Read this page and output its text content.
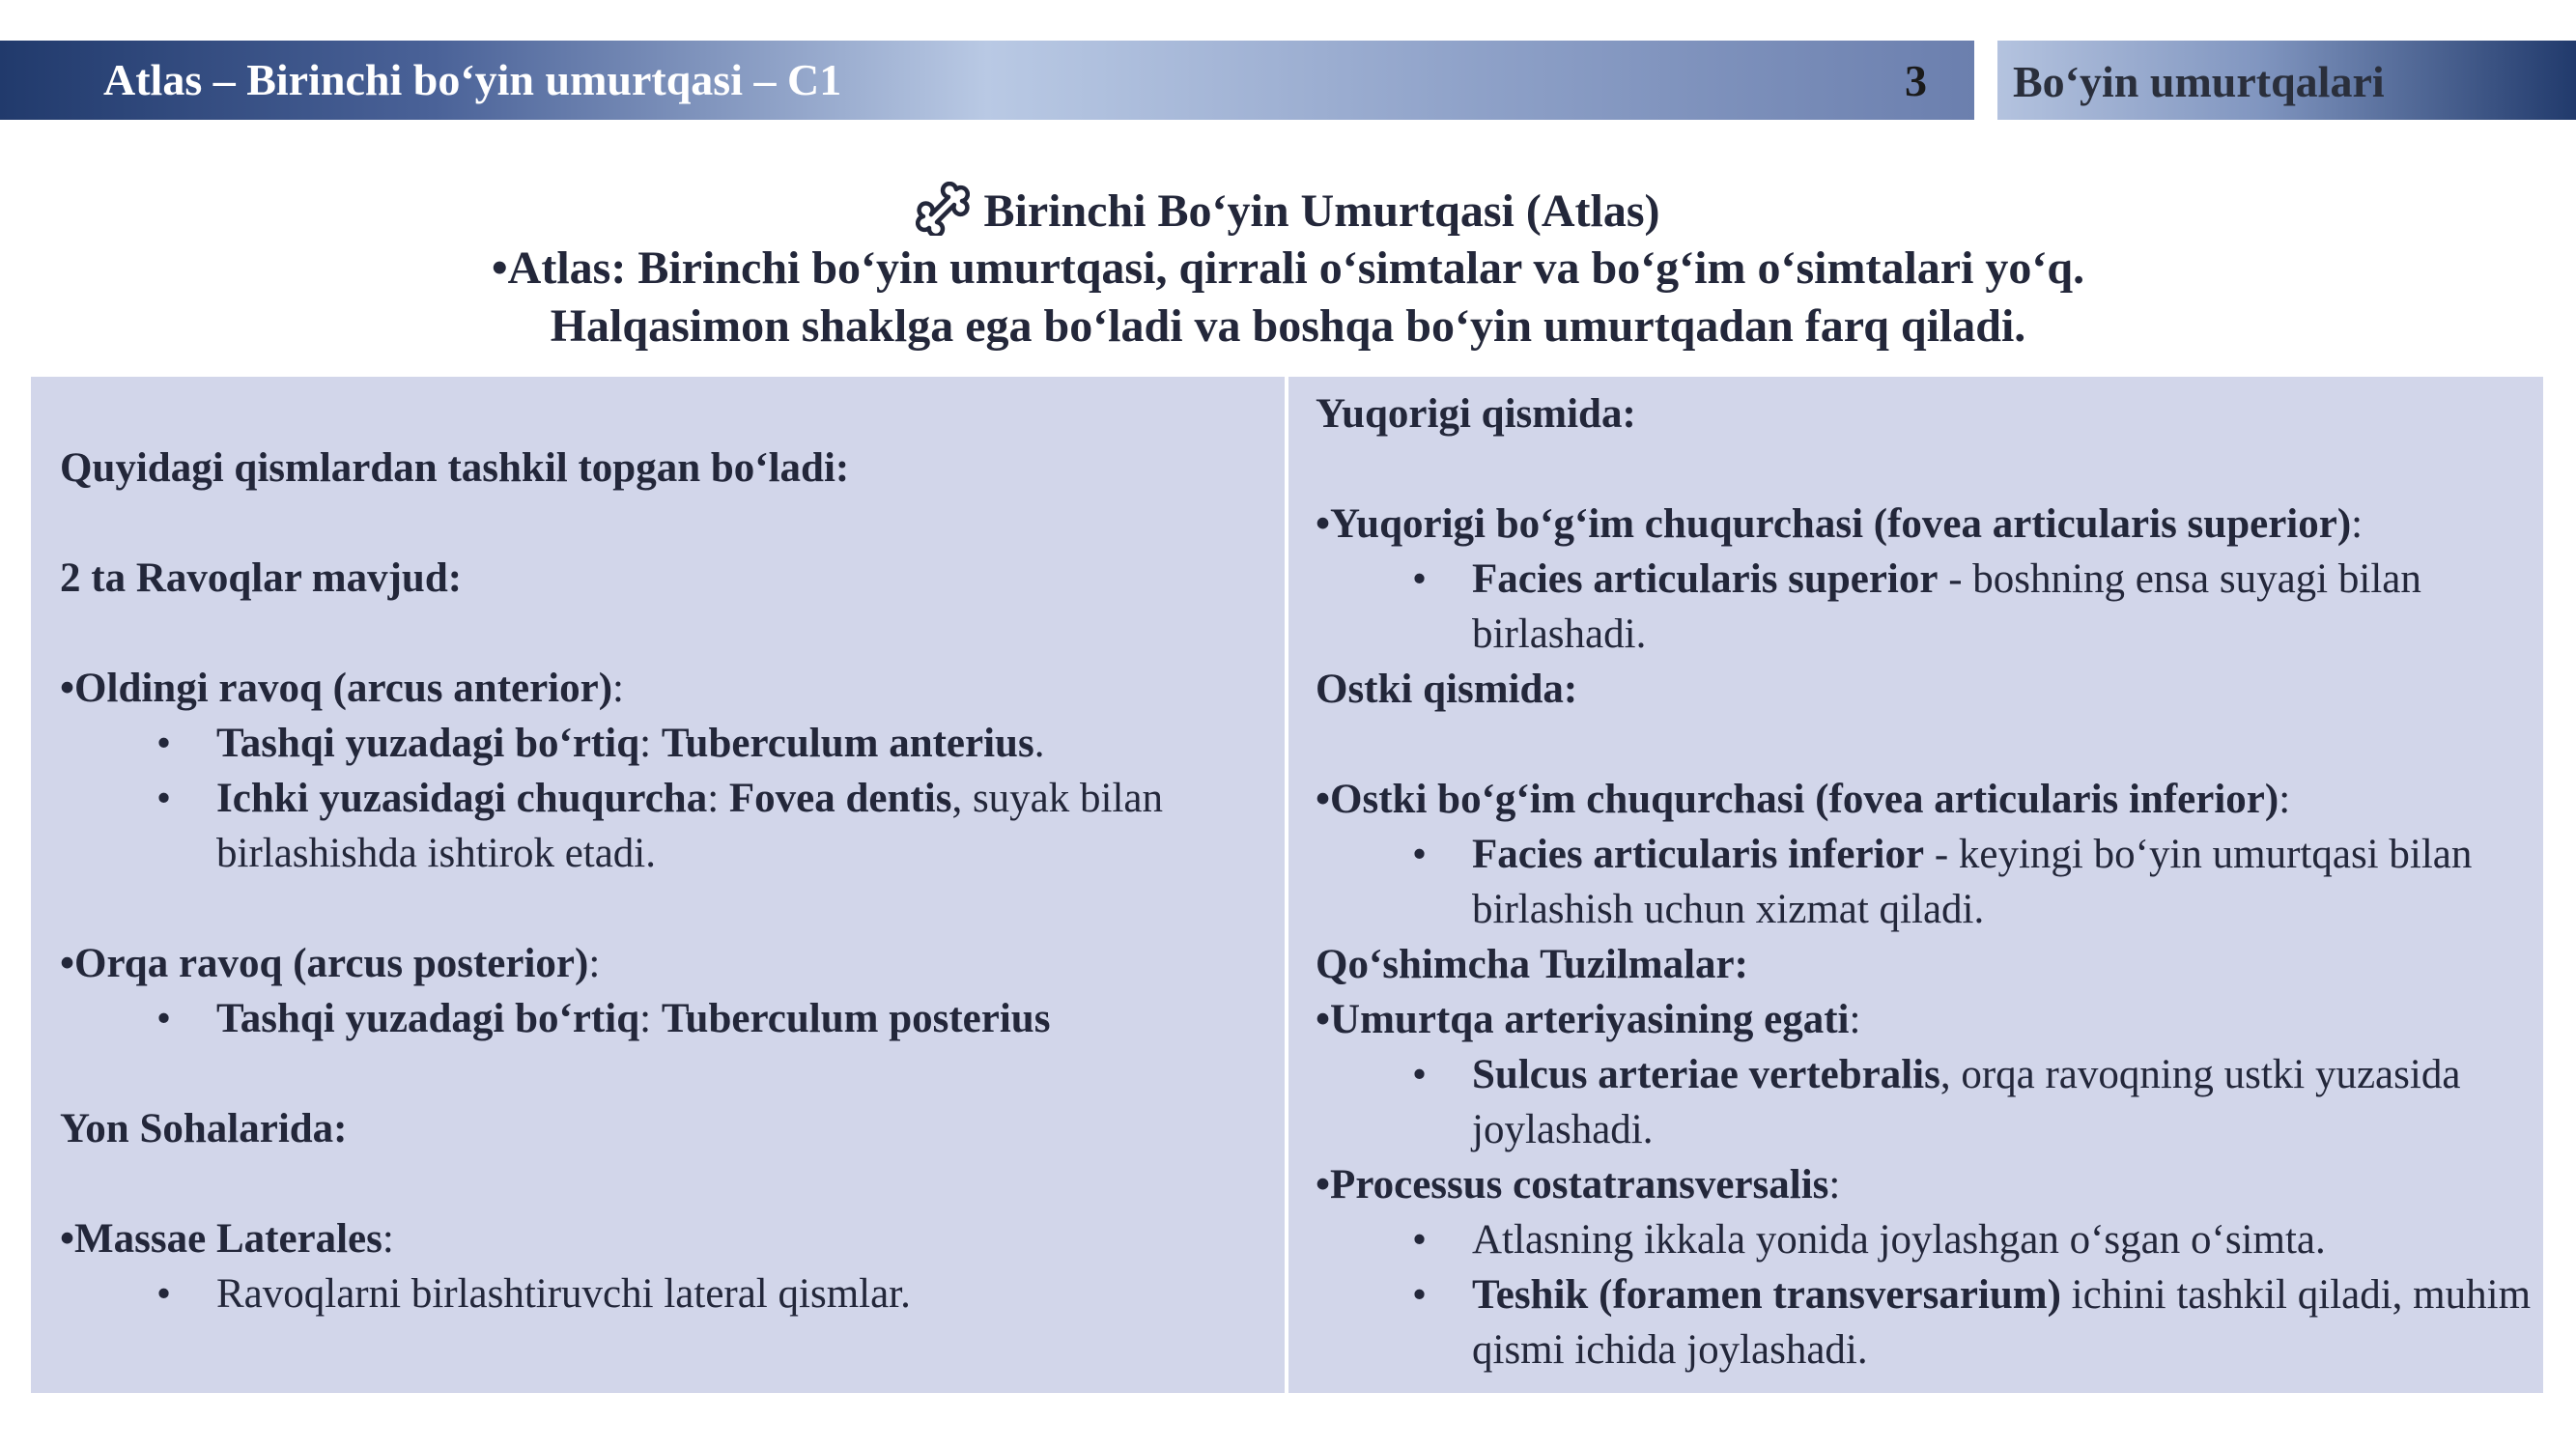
Atlas – Birinchi bo‘yin umurtqasi – C1	3 Bo‘yin umurtqalari
Birinchi Bo‘yin Umurtqasi (Atlas)
•Atlas: Birinchi bo‘yin umurtqasi, qirrali o‘simtalar va bo‘g‘im o‘simtalari yo‘q.
Halqasimon shaklga ega bo‘ladi va boshqa bo‘yin umurtqadan farq qiladi.
Quyidagi qismlardan tashkil topgan bo‘ladi:
2 ta Ravoqlar mavjud:
•Oldingi ravoq (arcus anterior):
• Tashqi yuzadagi bo‘rtiq: Tuberculum anterius.
• Ichki yuzasidagi chuqurcha: Fovea dentis, suyak bilan birlashishda ishtirok etadi.
•Orqa ravoq (arcus posterior):
• Tashqi yuzadagi bo‘rtiq: Tuberculum posterius
Yon Sohalarida:
•Massae Laterales:
• Ravoqlarni birlashtiruvchi lateral qismlar.
Yuqorigi qismida:
•Yuqorigi bo‘g‘im chuqurchasi (fovea articularis superior):
• Facies articularis superior - boshning ensa suyagi bilan birlashadi.
Ostki qismida:
•Ostki bo‘g‘im chuqurchasi (fovea articularis inferior):
• Facies articularis inferior - keyingi bo‘yin umurtqasi bilan birlashish uchun xizmat qiladi.
Qo‘shimcha Tuzilmalar:
•Umurtqa arteriyasining egati:
• Sulcus arteriae vertebralis, orqa ravoqning ustki yuzasida joylashadi.
•Processus costatransversalis:
• Atlasning ikkala yonida joylashgan o‘sgan o‘simta.
• Teshik (foramen transversarium) ichini tashkil qiladi, muhim qismi ichida joylashadi.
